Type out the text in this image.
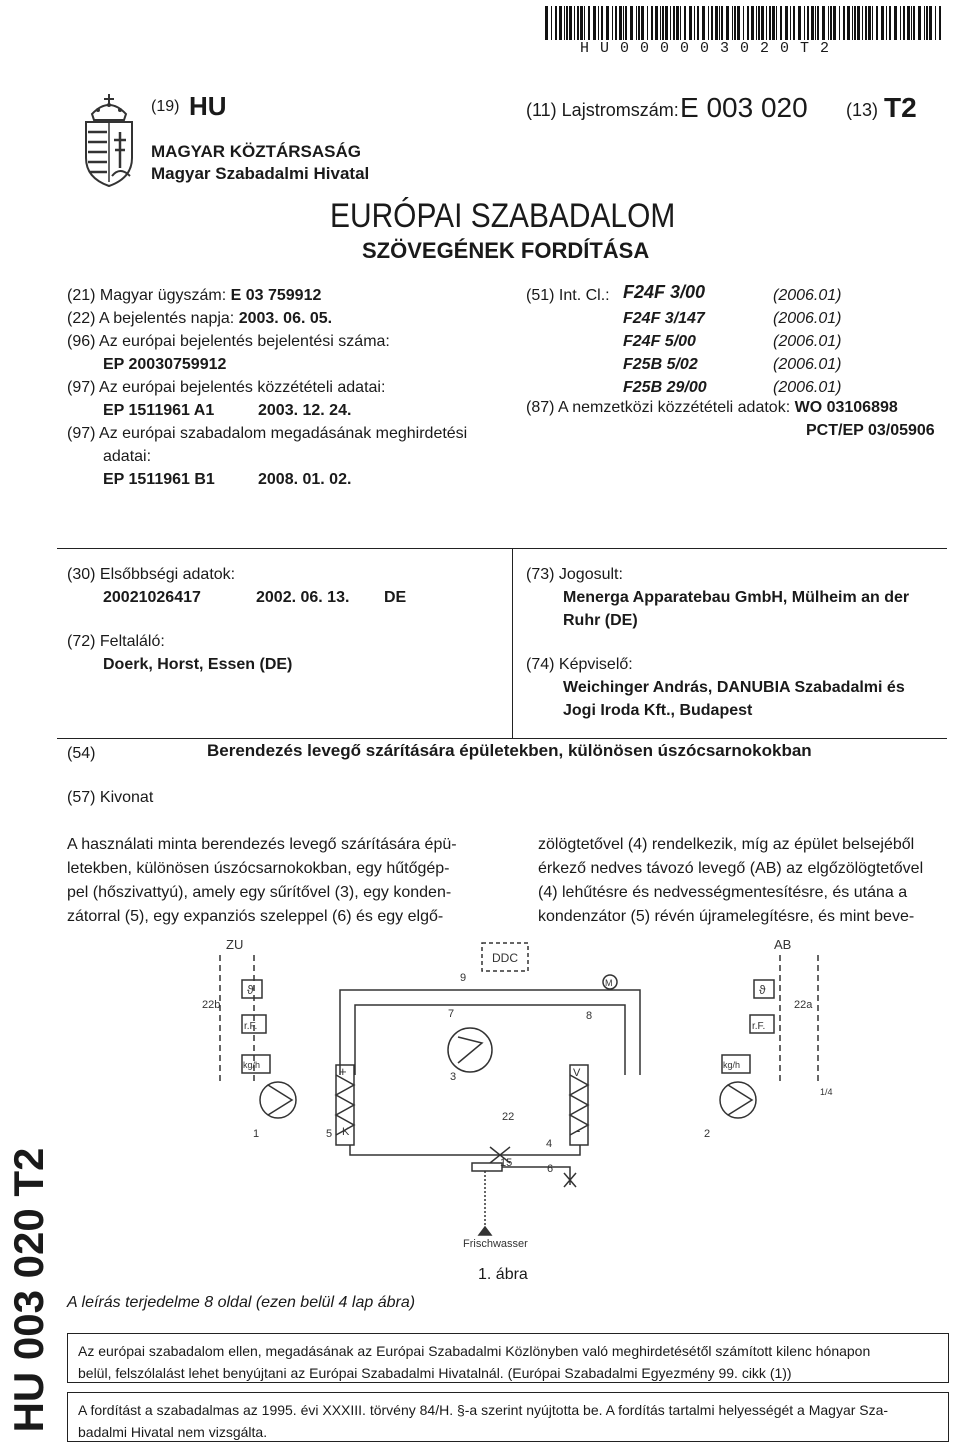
HU000003020T2
(19) HU
MAGYAR KÖZTÁRSASÁG
Magyar Szabadalmi Hivatal
(11) Lajstromszám: E 003 020 (13) T2
EURÓPAI SZABADALOM
SZÖVEGÉNEK FORDÍTÁSA
(21) Magyar ügyszám: E 03 759912
(22) A bejelentés napja: 2003. 06. 05.
(96) Az európai bejelentés bejelentési száma:
EP 20030759912
(97) Az európai bejelentés közzétételi adatai:
EP 1511961 A1	2003. 12. 24.
(97) Az európai szabadalom megadásának meghirdetési
adatai:
EP 1511961 B1	2008. 01. 02.
(51) Int. Cl.: F24F 3/00	(2006.01)
F24F 3/147	(2006.01)
F24F 5/00	(2006.01)
F25B 5/02	(2006.01)
F25B 29/00	(2006.01)
(87) A nemzetközi közzétételi adatok: WO 03106898
PCT/EP 03/05906
(30) Elsőbbségi adatok:
20021026417	2002. 06. 13. DE
(72) Feltaláló:
Doerk, Horst, Essen (DE)
(73) Jogosult:
Menerga Apparatebau GmbH, Mülheim an der
Ruhr (DE)
(74) Képviselő:
Weichinger András, DANUBIA Szabadalmi és
Jogi Iroda Kft., Budapest
(54)	Berendezés levegő szárítására épületekben, különösen úszócsarnokokban
(57) Kivonat
A használati minta berendezés levegő szárítására épü-
letekben, különösen úszócsarnokokban, egy hűtőgép-
pel (hőszivattyú), amely egy sűrítővel (3), egy konden-
zátorral (5), egy expanziós szeleppel (6) és egy elgő-
zölögtetővel (4) rendelkezik, míg az épület belsejéből
érkező nedves távozó levegő (AB) az elgőzölögtetővel
(4) lehűtésre és nedvességmentesítésre, és utána a
kondenzátor (5) révén újramelegítésre, és mint beve-
ZU	AB
DDC
ϑ
r.F.
kg/h
ϑ
r.F.
kg/h
+
K
V
-
M
Frischwasser
1	2
3
4
5
6
7	8
9
15
22
22a
22b
1/4
1. ábra
A leírás terjedelme 8 oldal (ezen belül 4 lap ábra)
HU 003 020 T2 Az európai szabadalom ellen, megadásának az Európai Szabadalmi Közlönyben való meghirdetésétől számított kilenc hónapon
belül, felszólalást lehet benyújtani az Európai Szabadalmi Hivatalnál. (Európai Szabadalmi Egyezmény 99. cikk (1))
A fordítást a szabadalmas az 1995. évi XXXIII. törvény 84/H. §-a szerint nyújtotta be. A fordítás tartalmi helyességét a Magyar Sza-
badalmi Hivatal nem vizsgálta.
